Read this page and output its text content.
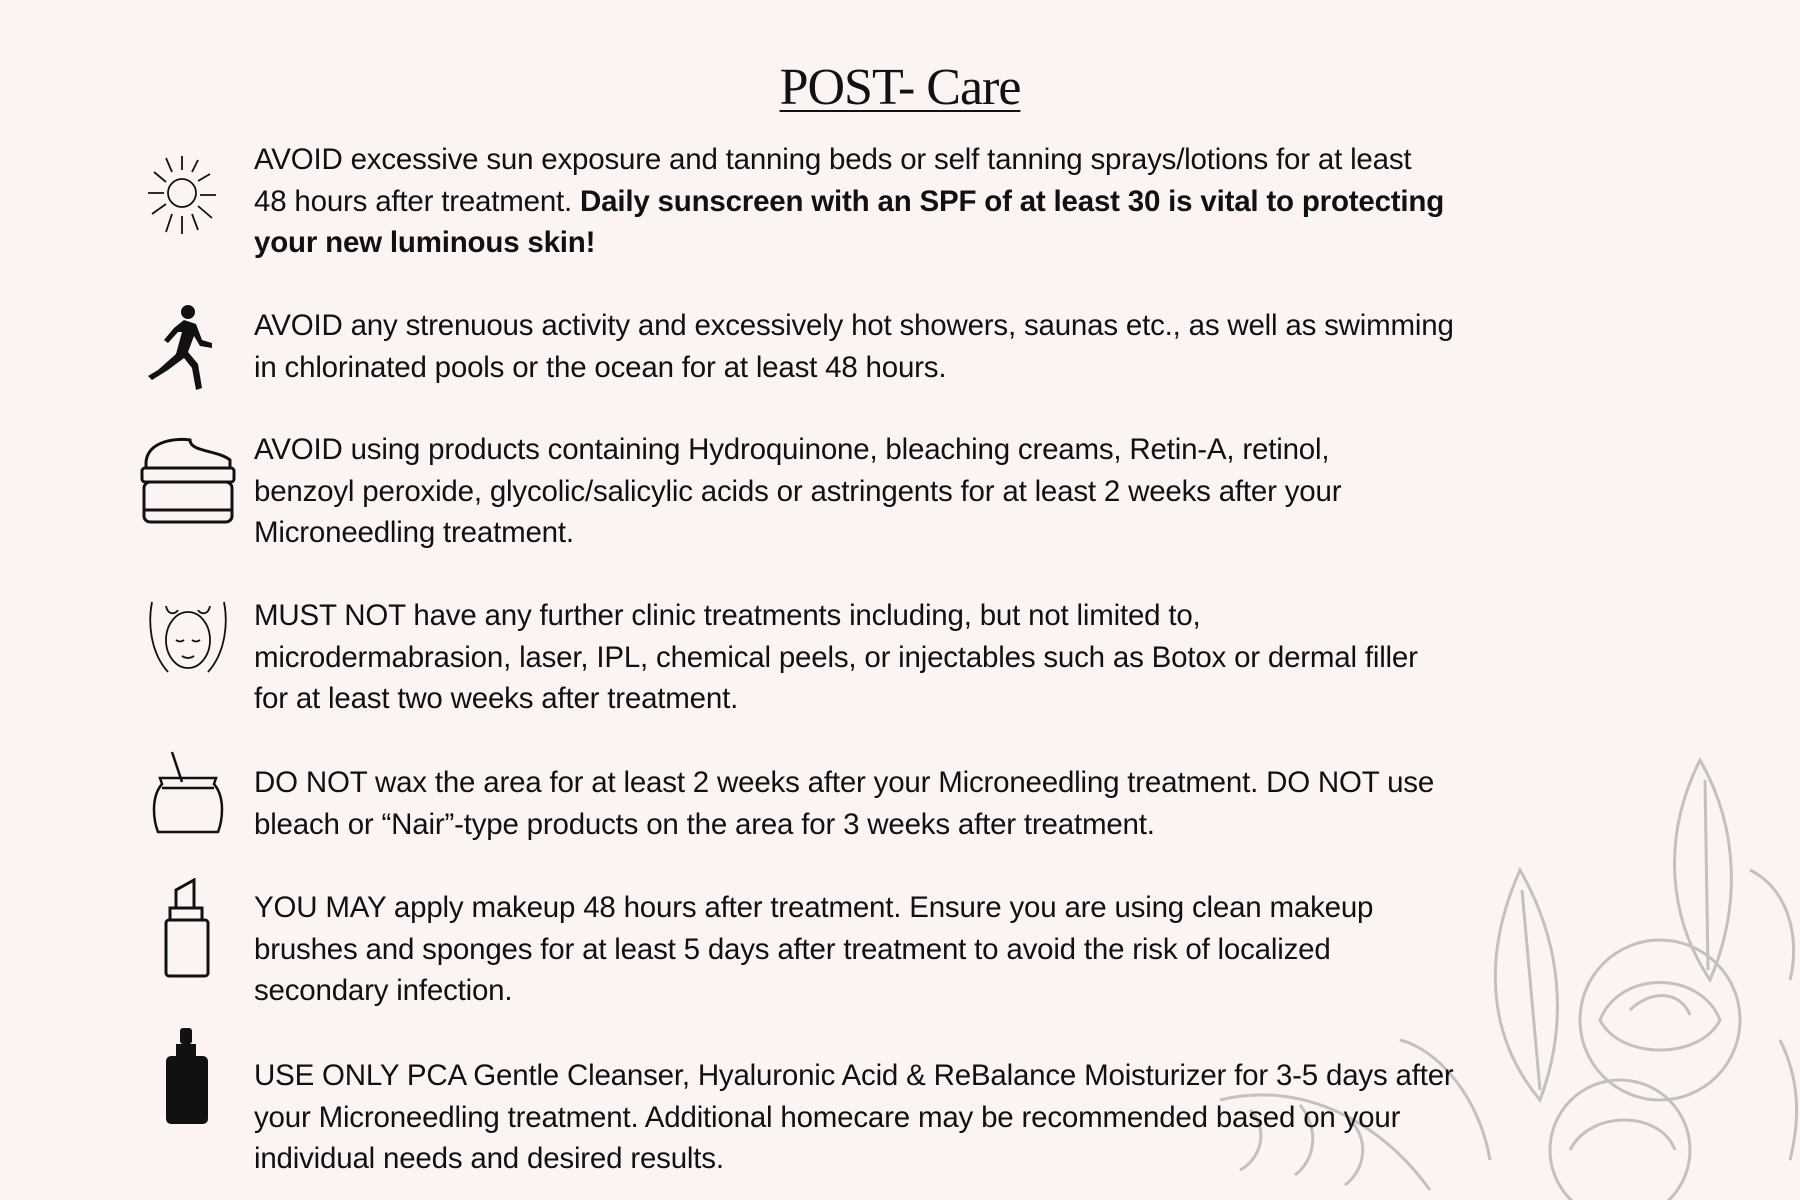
POST- Care
AVOID excessive sun exposure and tanning beds or self tanning sprays/lotions for at least
48 hours after treatment. Daily sunscreen with an SPF of at least 30 is vital to protecting
your new luminous skin!
AVOID any strenuous activity and excessively hot showers, saunas etc., as well as swimming
in chlorinated pools or the ocean for at least 48 hours.
AVOID using products containing Hydroquinone, bleaching creams, Retin-A, retinol,
benzoyl peroxide, glycolic/salicylic acids or astringents for at least 2 weeks after your
Microneedling treatment.
MUST NOT have any further clinic treatments including, but not limited to,
microdermabrasion, laser, IPL, chemical peels, or injectables such as Botox or dermal filler
for at least two weeks after treatment.
DO NOT wax the area for at least 2 weeks after your Microneedling treatment. DO NOT use
bleach or “Nair”-type products on the area for 3 weeks after treatment.
YOU MAY apply makeup 48 hours after treatment. Ensure you are using clean makeup
brushes and sponges for at least 5 days after treatment to avoid the risk of localized
secondary infection.
USE ONLY PCA Gentle Cleanser, Hyaluronic Acid & ReBalance Moisturizer for 3-5 days after
your Microneedling treatment. Additional homecare may be recommended based on your
individual needs and desired results.
